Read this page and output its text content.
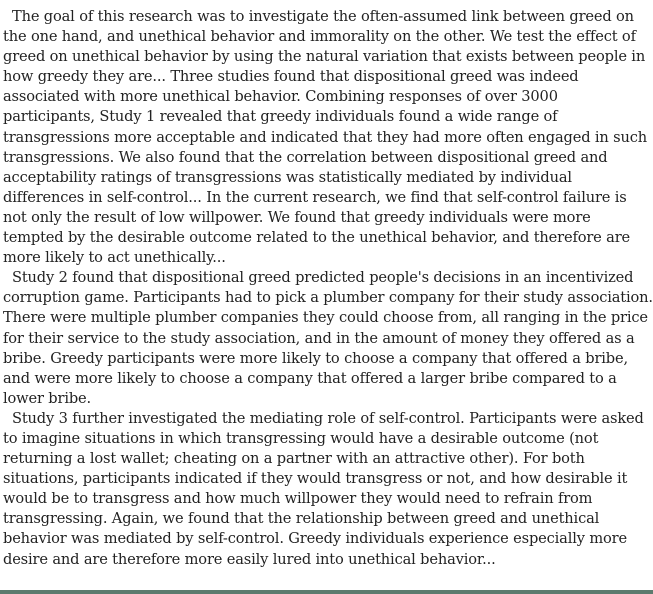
The goal of this research was to investigate the often-assumed link between greed on the one hand, and unethical behavior and immorality on the other. We test the effect of greed on unethical behavior by using the natural variation that exists between people in how greedy they are... Three studies found that dispositional greed was indeed associated with more unethical behavior. Combining responses of over 3000 participants, Study 1 revealed that greedy individuals found a wide range of transgressions more acceptable and indicated that they had more often engaged in such transgressions. We also found that the correlation between dispositional greed and acceptability ratings of transgressions was statistically mediated by individual differences in self-control... In the current research, we find that self-control failure is not only the result of low willpower. We found that greedy individuals were more tempted by the desirable outcome related to the unethical behavior, and therefore are more likely to act unethically...

Study 2 found that dispositional greed predicted people's decisions in an incentivized corruption game. Participants had to pick a plumber company for their study association. There were multiple plumber companies they could choose from, all ranging in the price for their service to the study association, and in the amount of money they offered as a bribe. Greedy participants were more likely to choose a company that offered a bribe, and were more likely to choose a company that offered a larger bribe compared to a lower bribe.

Study 3 further investigated the mediating role of self-control. Participants were asked to imagine situations in which transgressing would have a desirable outcome (not returning a lost wallet; cheating on a partner with an attractive other). For both situations, participants indicated if they would transgress or not, and how desirable it would be to transgress and how much willpower they would need to refrain from transgressing. Again, we found that the relationship between greed and unethical behavior was mediated by self-control. Greedy individuals experience especially more desire and are therefore more easily lured into unethical behavior...
